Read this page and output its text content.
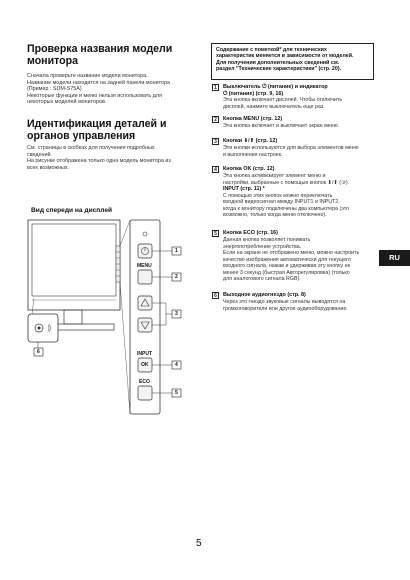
Проверка названия модели
монитора
Сначала проверьте название модели монитора.
Название модели находится на задней панели монитора
(Пример : SDM-S75A)
Некоторые функции и меню нельзя использовать для
некоторых моделей мониторов.
Идентификация деталей и
органов управления
См. страницы в скобках для получения подробных
сведений.
На рисунке отображена только одна модель монитора из
всех возможных.
Вид спереди на дисплей
MENU
INPUT
OK
ECO
1
2
3
4
5
6
Содержание с пометкой* для технических
характеристик меняется в зависимости от моделей.
Для получения дополнительных сведений см.
раздел "Технические характеристики" (стр. 20).
1	Выключатель ⏻ (питание) и индикатор
⏻ (питание) (стр. 9, 16)
Эта кнопка включает дисплей. Чтобы отключить
дисплей, нажмите выключатель еще раз.
2	Кнопка MENU (стр. 12)
Эта кнопка включает и выключает экран меню.
3	Кнопки ⬇/⬆ (стр. 12)
Эти кнопки используются для выбора элементов меню
и выполнения настроек.
4	Кнопка OK (стр. 12)
Эта кнопка активизирует элемент меню и
настройки, выбранные с помощью кнопок ⬇/⬆ (③).
INPUT (стр. 11) *
С помощью этих кнопок можно переключать
входной видеосигнал между INPUT1 и INPUT2,
когда к монитору подключены два компьютера (это
возможно, только когда меню отключено).
5	Кнопка ECO (стр. 16)
Данная кнопка позволяет понижать
энергопотребление устройства.
Если на экране не отображено меню, можно настроить
качество изображения автоматически для текущего
входного сигнала, нажав и удерживая эту кнопку не
менее 3 секунд (быстрая Авторегулировка) (только
для аналогового сигнала RGB).
6	Выходное аудиогнездо (стр. 8)
Через это гнездо звуковые сигналы выводятся на
громкоговорители или другое аудиооборудование.
RU
5
